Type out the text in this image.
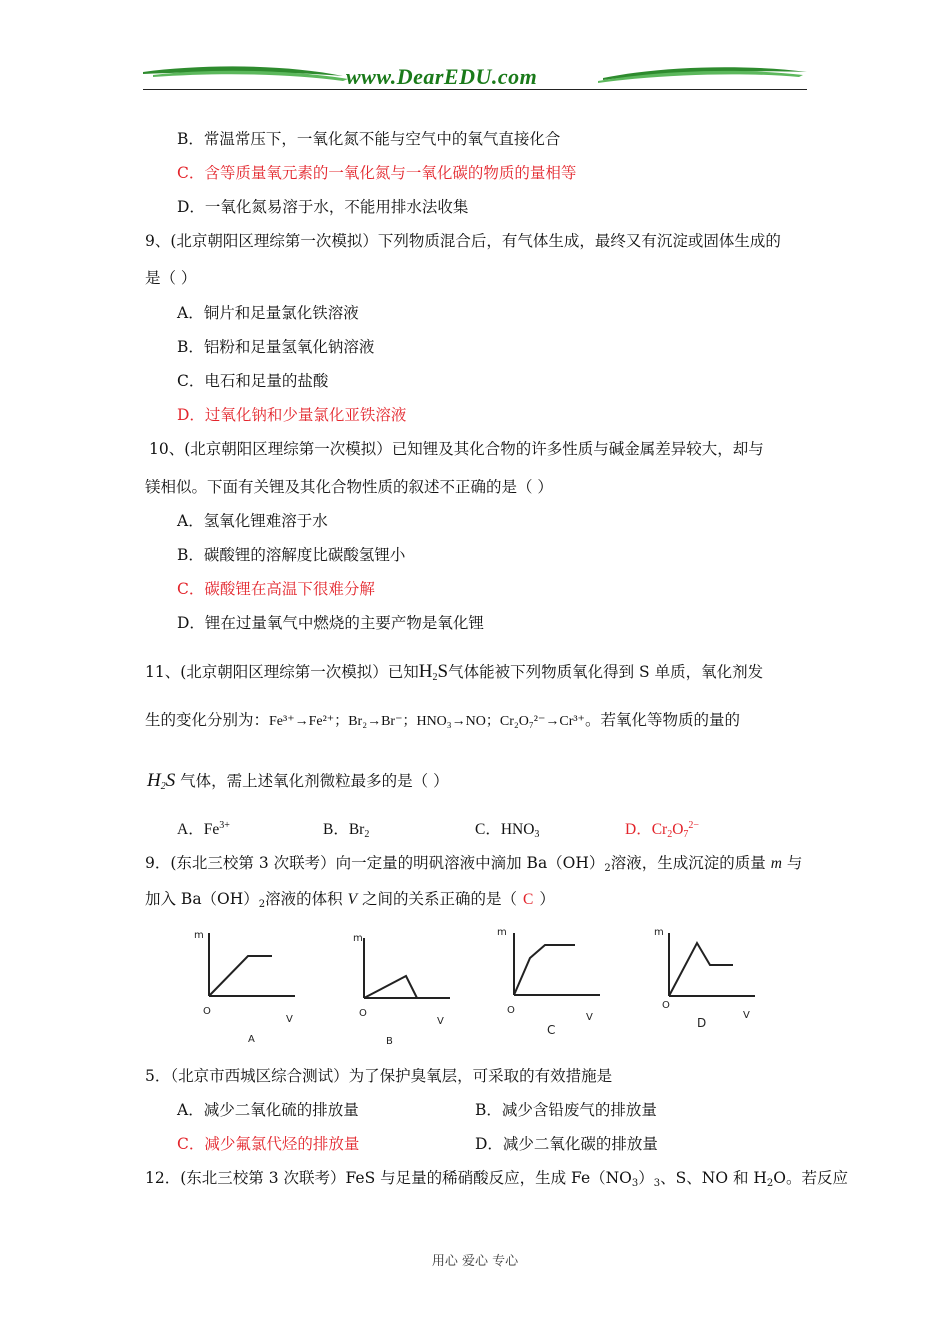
www.DearEDU.com
B．常温常压下，一氧化氮不能与空气中的氧气直接化合
C．含等质量氧元素的一氧化氮与一氧化碳的物质的量相等
D．一氧化氮易溶于水，不能用排水法收集
9、(北京朝阳区理综第一次模拟）下列物质混合后，有气体生成，最终又有沉淀或固体生成的
是（ ）
A．铜片和足量氯化铁溶液
B．铝粉和足量氢氧化钠溶液
C．电石和足量的盐酸
D．过氧化钠和少量氯化亚铁溶液
10、(北京朝阳区理综第一次模拟）已知锂及其化合物的许多性质与碱金属差异较大，却与
镁相似。下面有关锂及其化合物性质的叙述不正确的是（ ）
A．氢氧化锂难溶于水
B．碳酸锂的溶解度比碳酸氢锂小
C．碳酸锂在高温下很难分解
D．锂在过量氧气中燃烧的主要产物是氧化锂
11、(北京朝阳区理综第一次模拟）已知$H_2S$气体能被下列物质氧化得到 S 单质，氧化剂发
生的变化分别为：Fe³⁺→Fe²⁺；Br₂→Br⁻；HNO₃→NO；Cr₂O₇²⁻→Cr³⁺。若氧化等物质的量的
$H_2S$ 气体，需上述氧化剂微粒最多的是（ ）
A．$Fe^{3+}$	B．$Br_2$	C．$HNO_3$	D．$Cr_2O_7^{2-}$
9．(东北三校第 3 次联考）向一定量的明矾溶液中滴加 $Ba(OH)_2$溶液，生成沉淀的质量 m 与
加入 $Ba(OH)_2$溶液的体积 V 之间的关系正确的是（ C ）
m
O
V
A
m
O
V
B
m
O
V
C
m
O
V
D
5．（北京市西城区综合测试）为了保护臭氧层，可采取的有效措施是
A．减少二氧化硫的排放量	B．减少含铅废气的排放量
C．减少氟氯代烃的排放量	D．减少二氧化碳的排放量
12．(东北三校第 3 次联考）FeS 与足量的稀硝酸反应，生成 $Fe(NO_3)_3$、S、NO 和 $H_2O$。若反应
用心 爱心 专心
